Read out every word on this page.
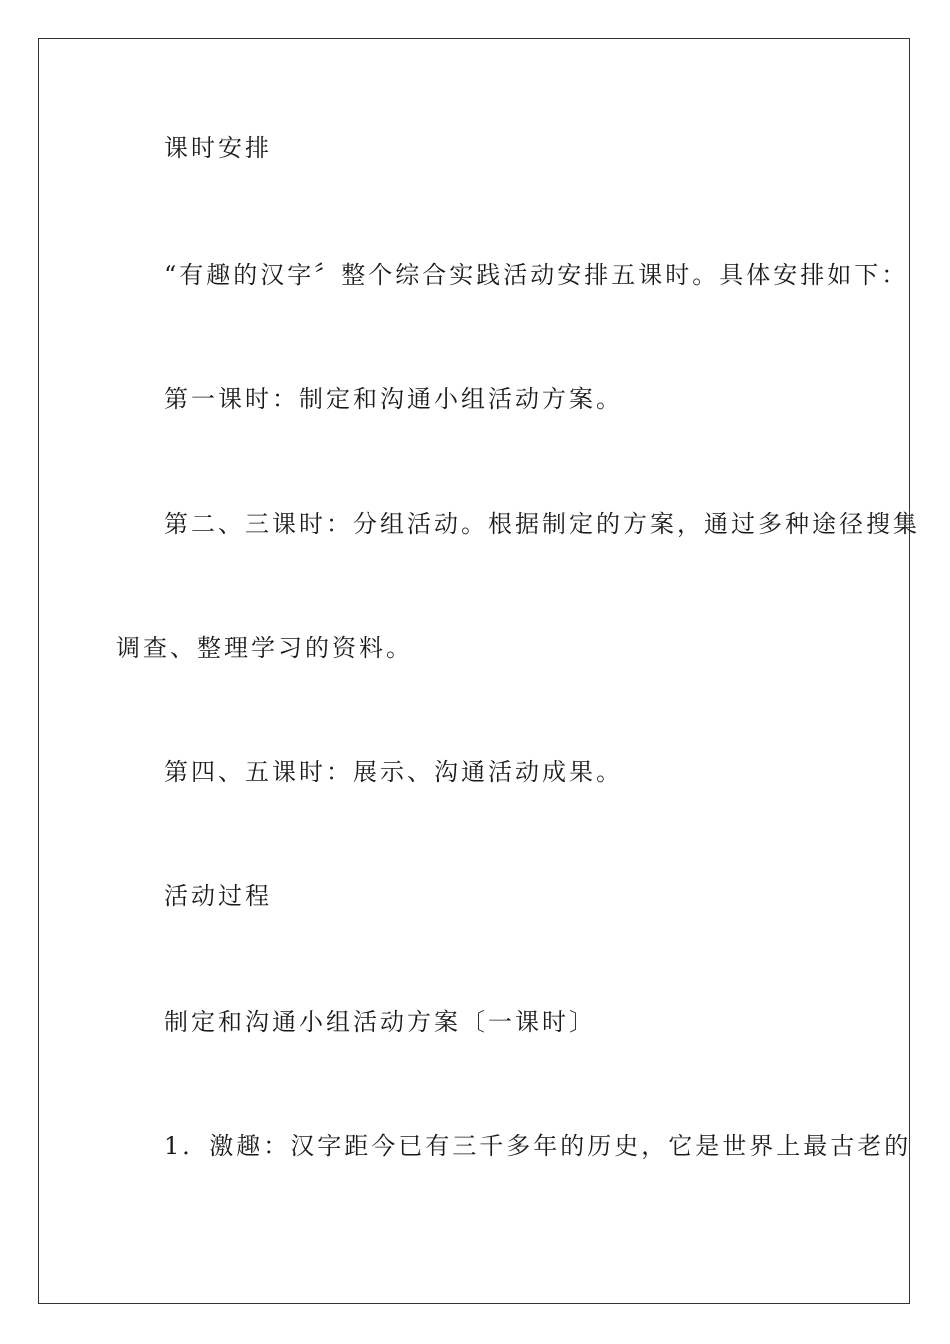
课时安排
“有趣的汉字〞整个综合实践活动安排五课时。具体安排如下：
第一课时：制定和沟通小组活动方案。
第二、三课时：分组活动。根据制定的方案，通过多种途径搜集
调查、整理学习的资料。
第四、五课时：展示、沟通活动成果。
活动过程
制定和沟通小组活动方案〔一课时〕
1．激趣：汉字距今已有三千多年的历史，它是世界上最古老的
